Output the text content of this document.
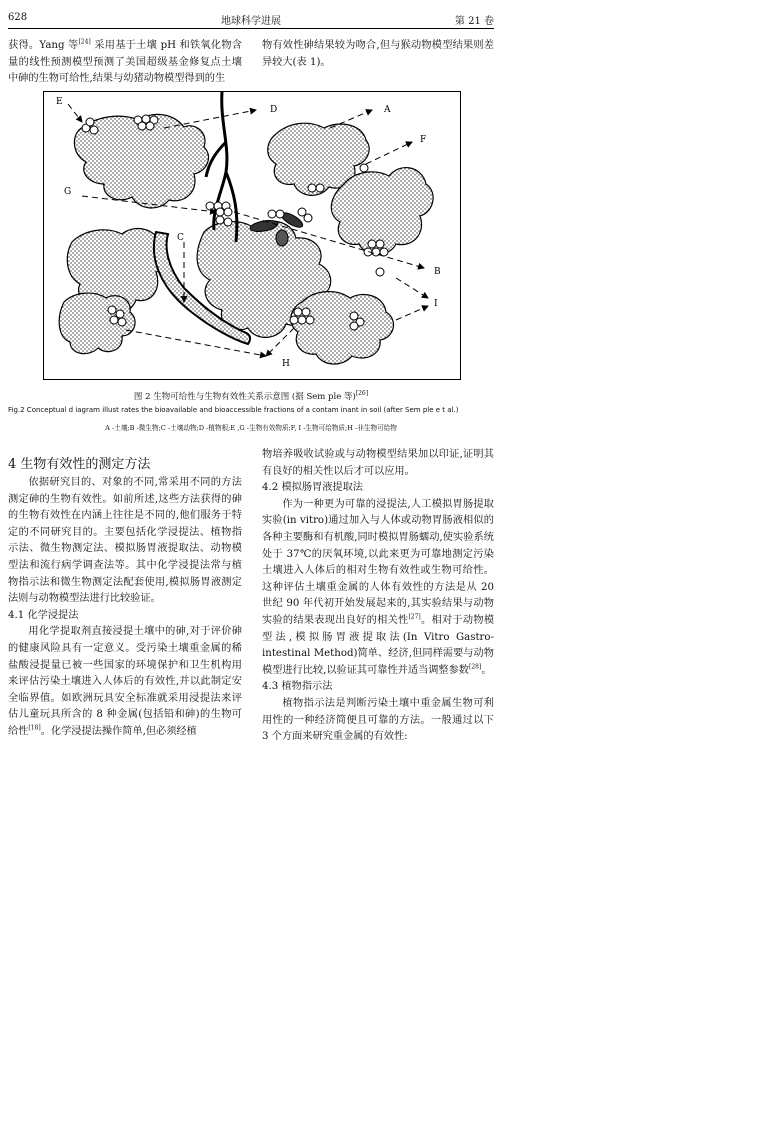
628	地球科学进展	第 21 卷

获得。Yang 等[24] 采用基于土壤 pH 和铁氧化物含量的线性预测模型预测了美国超级基金修复点土壤中砷的生物可给性,结果与幼猪动物模型得到的生

物有效性砷结果较为吻合,但与猴动物模型结果则差异较大(表 1)。

E
D	A
F
G
C
B
I
H
图 2 生物可给性与生物有效性关系示意图 (据 Sem ple 等)[26]
Fig.2 Conceptual d iagram illust rates the bioavailable and bioaccessible fractions of a contam inant in soil (after Sem ple e t al.)
A -土壤;B -微生物;C -土壤动物;D -植物根;E ,G -生物有效物质;F, I -生物可给物质;H -非生物可给物

4 生物有效性的测定方法

依据研究目的、对象的不同,常采用不同的方法测定砷的生物有效性。如前所述,这些方法获得的砷的生物有效性在内涵上往往是不同的,他们服务于特定的不同研究目的。主要包括化学浸提法、植物指示法、微生物测定法、模拟肠胃液提取法、动物模型法和流行病学调查法等。其中化学浸提法常与植物指示法和微生物测定法配套使用,模拟肠胃液测定法则与动物模型法进行比较验证。

4.1 化学浸提法

用化学提取剂直接浸提土壤中的砷,对于评价砷的健康风险具有一定意义。受污染土壤重金属的稀盐酸浸提量已被一些国家的环境保护和卫生机构用来评估污染土壤进入人体后的有效性,并以此制定安全临界值。如欧洲玩具安全标准就采用浸提法来评估儿童玩具所含的 8 种金属(包括铅和砷)的生物可给性[18]。化学浸提法操作简单,但必须经植

物培养吸收试验或与动物模型结果加以印证,证明其有良好的相关性以后才可以应用。

4.2 模拟肠胃液提取法

作为一种更为可靠的浸提法,人工模拟胃肠提取实验(in vitro)通过加入与人体或动物胃肠液相似的各种主要酶和有机酸,同时模拟胃肠蠕动,使实验系统处于 37℃的厌氧环境,以此来更为可靠地测定污染土壤进入人体后的相对生物有效性或生物可给性。这种评估土壤重金属的人体有效性的方法是从 20 世纪 90 年代初开始发展起来的,其实验结果与动物实验的结果表现出良好的相关性[27]。相对于动物模型法,模拟肠胃液提取法(In Vitro Gastro-intestinal Method)简单、经济,但同样需要与动物模型进行比较,以验证其可靠性并适当调整参数[28]。

4.3 植物指示法

植物指示法是判断污染土壤中重金属生物可利用性的一种经济简便且可靠的方法。一般通过以下 3 个方面来研究重金属的有效性:
